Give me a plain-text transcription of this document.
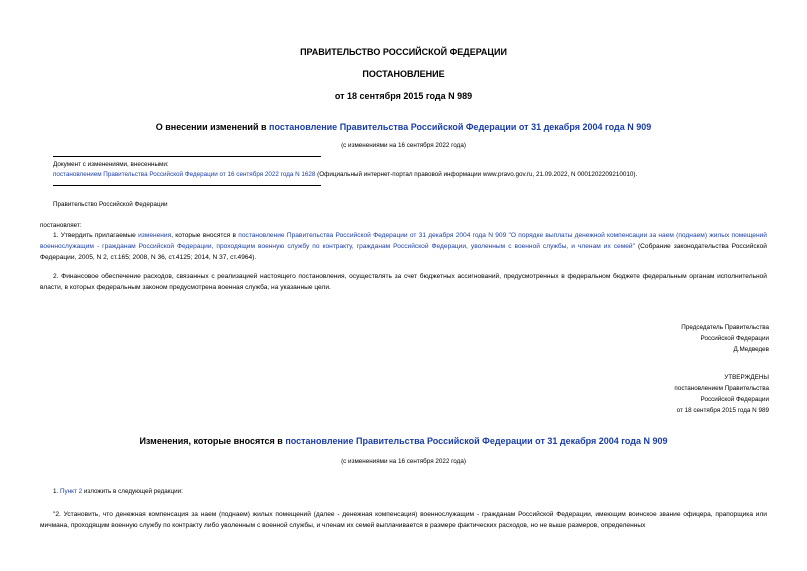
ПРАВИТЕЛЬСТВО РОССИЙСКОЙ ФЕДЕРАЦИИ
ПОСТАНОВЛЕНИЕ
от 18 сентября 2015 года N 989
О внесении изменений в постановление Правительства Российской Федерации от 31 декабря 2004 года N 909
(с изменениями на 16 сентября 2022 года)
Документ с изменениями, внесенными:
постановлением Правительства Российской Федерации от 16 сентября 2022 года N 1628 (Официальный интернет-портал правовой информации www.pravo.gov.ru, 21.09.2022, N 0001202209210010).
Правительство Российской Федерации
постановляет:
1. Утвердить прилагаемые изменения, которые вносятся в постановление Правительства Российской Федерации от 31 декабря 2004 года N 909 "О порядке выплаты денежной компенсации за наем (поднаем) жилых помещений военнослужащим - гражданам Российской Федерации, проходящим военную службу по контракту, гражданам Российской Федерации, уволенным с военной службы, и членам их семей" (Собрание законодательства Российской Федерации, 2005, N 2, ст.165; 2008, N 36, ст.4125; 2014, N 37, ст.4964).
2. Финансовое обеспечение расходов, связанных с реализацией настоящего постановления, осуществлять за счет бюджетных ассигнований, предусмотренных в федеральном бюджете федеральным органам исполнительной власти, в которых федеральным законом предусмотрена военная служба, на указанные цели.
Председатель Правительства
Российской Федерации
Д.Медведев
УТВЕРЖДЕНЫ
постановлением Правительства
Российской Федерации
от 18 сентября 2015 года N 989
Изменения, которые вносятся в постановление Правительства Российской Федерации от 31 декабря 2004 года N 909
(с изменениями на 16 сентября 2022 года)
1. Пункт 2 изложить в следующей редакции:
"2. Установить, что денежная компенсация за наем (поднаем) жилых помещений (далее - денежная компенсация) военнослужащим - гражданам Российской Федерации, имеющим воинское звание офицера, прапорщика или мичмана, проходящим военную службу по контракту либо уволенным с военной службы, и членам их семей выплачивается в размере фактических расходов, но не выше размеров, определенных
